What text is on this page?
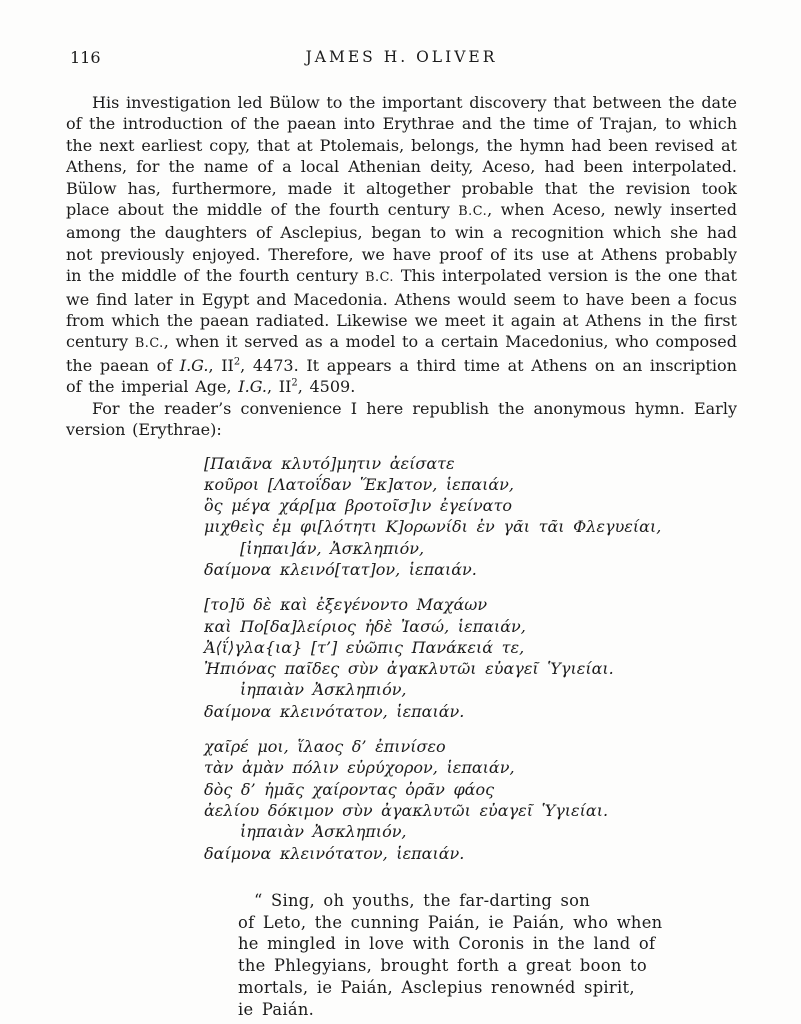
116	JAMES H. OLIVER

His investigation led Bülow to the important discovery that between the date of the introduction of the paean into Erythrae and the time of Trajan, to which the next earliest copy, that at Ptolemais, belongs, the hymn had been revised at Athens, for the name of a local Athenian deity, Aceso, had been interpolated. Bülow has, furthermore, made it altogether probable that the revision took place about the middle of the fourth century B.C., when Aceso, newly inserted among the daughters of Asclepius, began to win a recognition which she had not previously enjoyed. Therefore, we have proof of its use at Athens probably in the middle of the fourth century B.C. This interpolated version is the one that we find later in Egypt and Macedonia. Athens would seem to have been a focus from which the paean radiated. Likewise we meet it again at Athens in the first century B.C., when it served as a model to a certain Macedonius, who composed the paean of I.G., $II^2$, 4473. It appears a third time at Athens on an inscription of the imperial Age, I.G., $II^2$, 4509.

For the reader’s convenience I here republish the anonymous hymn. Early version (Erythrae):

[Παιᾶνα κλυτό]μη̣τιν ἀείσατε
κοῦροι [Λατοΐδαν Ἕκ]ατον, ἱεπαιάν,
ὃς μέγα χάρ[μα βροτοῖσ]ιν ἐγείνατο
μιχθεὶς ἐμ φι[λότητι Κ]ορωνίδι ἐν γᾶι τᾶι Φλεγυείαι,
[ἰηπαι]άν, Ἀσκληπιόν,
δαίμονα κλεινό[τατ]ον, ἱεπαιάν.
[το]ῦ δὲ καὶ ἐξεγένοντο Μαχάων
καὶ Πο[δα]λείριος ἠδὲ Ἰασώ, ἱεπαιάν,
Ἀ⟨ΐ⟩γλα{ια} [τ’] εὐῶπις Πανάκειά τε,
Ἠπιόνας παῖδες σὺν ἀγακλυτῶι εὐαγεῖ Ὑγιείαι.
ἰηπαιὰν Ἀσκληπιόν,
δαίμονα κλεινότατον, ἱεπαιάν.
χαῖρέ μοι, ἵλαος δ’ ἐπινίσεο
τὰν ἀμὰν πόλιν εὐρύχορον, ἱεπαιάν,
δὸς δ’ ἡμᾶς χαίροντας ὁρᾶν φάος
ἀελίου δόκιμον σὺν ἀγακλυτῶι εὐαγεῖ Ὑγιείαι.
ἰηπαιὰν Ἀσκληπιόν,
δαίμονα κλεινότατον, ἱεπαιάν.
“ Sing, oh youths, the far-darting son
of Leto, the cunning Paián, ie Paián, who when
he mingled in love with Coronis in the land of
the Phlegyians, brought forth a great boon to
mortals, ie Paián, Asclepius renownéd spirit,
ie Paián.
